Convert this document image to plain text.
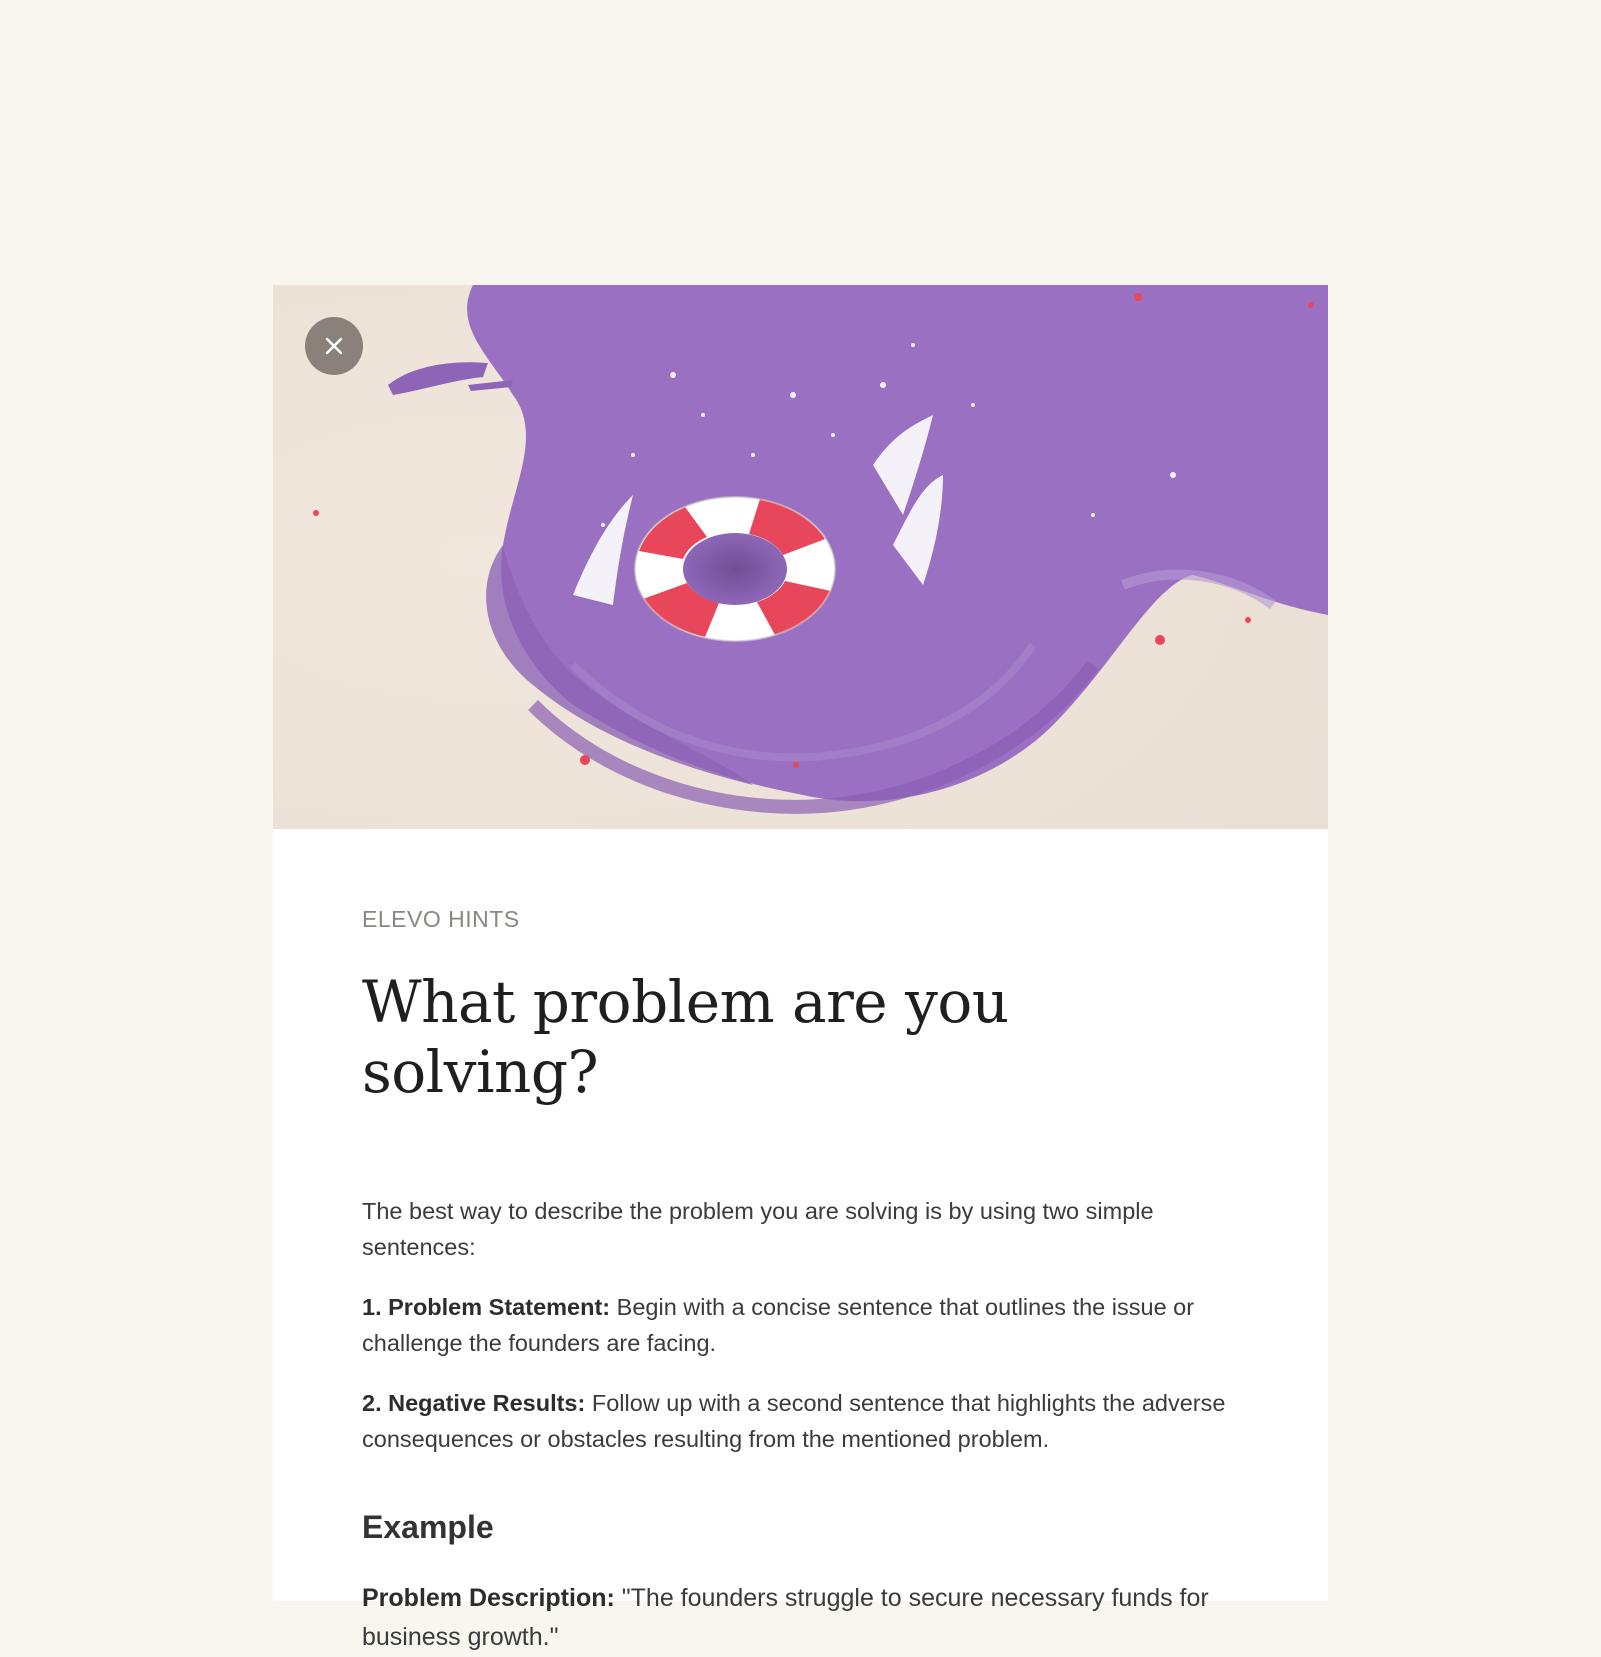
ELEVO HINTS

What problem are you solving?

The best way to describe the problem you are solving is by using two simple sentences:

1. Problem Statement: Begin with a concise sentence that outlines the issue or challenge the founders are facing.

2. Negative Results: Follow up with a second sentence that highlights the adverse consequences or obstacles resulting from the mentioned problem.

Example

Problem Description: "The founders struggle to secure necessary funds for business growth."
